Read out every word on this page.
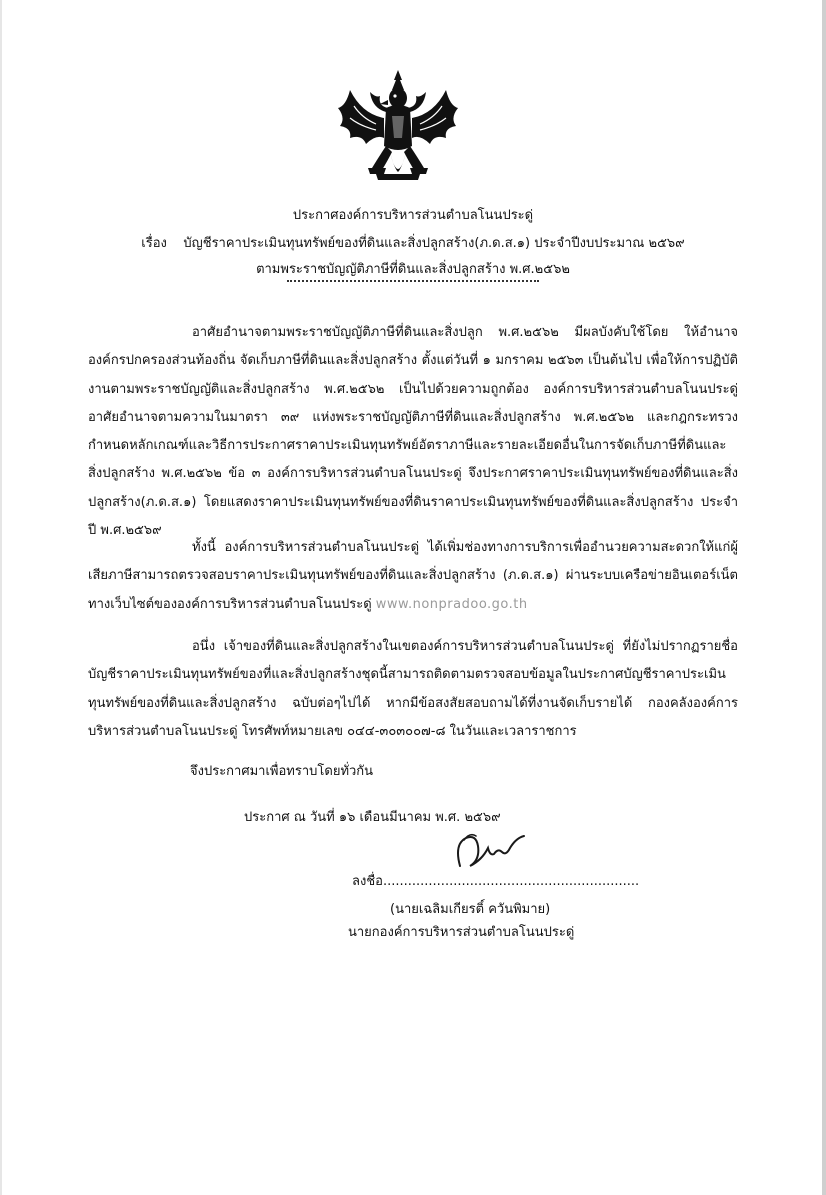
ประกาศองค์การบริหารส่วนตำบลโนนประดู่
เรื่อง บัญชีราคาประเมินทุนทรัพย์ของที่ดินและสิ่งปลูกสร้าง(ภ.ด.ส.๑) ประจำปีงบประมาณ ๒๕๖๙
ตามพระราชบัญญัติภาษีที่ดินและสิ่งปลูกสร้าง พ.ศ.๒๕๖๒
อาศัยอำนาจตามพระราชบัญญัติภาษีที่ดินและสิ่งปลูก พ.ศ.๒๕๖๒ มีผลบังคับใช้โดย ให้อำนาจองค์กรปกครองส่วนท้องถิ่น จัดเก็บภาษีที่ดินและสิ่งปลูกสร้าง ตั้งแต่วันที่ ๑ มกราคม ๒๕๖๓ เป็นต้นไป เพื่อให้การปฏิบัติงานตามพระราชบัญญัติและสิ่งปลูกสร้าง พ.ศ.๒๕๖๒ เป็นไปด้วยความถูกต้อง องค์การบริหารส่วนตำบลโนนประดู่ อาศัยอำนาจตามความในมาตรา ๓๙ แห่งพระราชบัญญัติภาษีที่ดินและสิ่งปลูกสร้าง พ.ศ.๒๕๖๒ และกฎกระทรวงกำหนดหลักเกณฑ์และวิธีการประกาศราคาประเมินทุนทรัพย์อัตราภาษีและรายละเอียดอื่นในการจัดเก็บภาษีที่ดินและสิ่งปลูกสร้าง พ.ศ.๒๕๖๒ ข้อ ๓ องค์การบริหารส่วนตำบลโนนประดู่ จึงประกาศราคาประเมินทุนทรัพย์ของที่ดินและสิ่งปลูกสร้าง(ภ.ด.ส.๑) โดยแสดงราคาประเมินทุนทรัพย์ของที่ดินราคาประเมินทุนทรัพย์ของที่ดินและสิ่งปลูกสร้าง ประจำปี พ.ศ.๒๕๖๙
ทั้งนี้ องค์การบริหารส่วนตำบลโนนประดู่ ได้เพิ่มช่องทางการบริการเพื่ออำนวยความสะดวกให้แก่ผู้เสียภาษีสามารถตรวจสอบราคาประเมินทุนทรัพย์ของที่ดินและสิ่งปลูกสร้าง (ภ.ด.ส.๑) ผ่านระบบเครือข่ายอินเตอร์เน็ตทางเว็บไซต์ขององค์การบริหารส่วนตำบลโนนประดู่ www.nonpradoo.go.th
อนึ่ง เจ้าของที่ดินและสิ่งปลูกสร้างในเขตองค์การบริหารส่วนตำบลโนนประดู่ ที่ยังไม่ปรากฏรายชื่อบัญชีราคาประเมินทุนทรัพย์ของที่และสิ่งปลูกสร้างชุดนี้สามารถติดตามตรวจสอบข้อมูลในประกาศบัญชีราคาประเมินทุนทรัพย์ของที่ดินและสิ่งปลูกสร้าง ฉบับต่อๆไปได้ หากมีข้อสงสัยสอบถามได้ที่งานจัดเก็บรายได้ กองคลังองค์การบริหารส่วนตำบลโนนประดู่ โทรศัพท์หมายเลข ๐๔๔-๓๐๓๐๐๗-๘ ในวันและเวลาราชการ
จึงประกาศมาเพื่อทราบโดยทั่วกัน
ประกาศ ณ วันที่ ๑๖ เดือนมีนาคม พ.ศ. ๒๕๖๙
ลงชื่อ..............................................................
(นายเฉลิมเกียรติ์ ควันพิมาย)
นายกองค์การบริหารส่วนตำบลโนนประดู่
